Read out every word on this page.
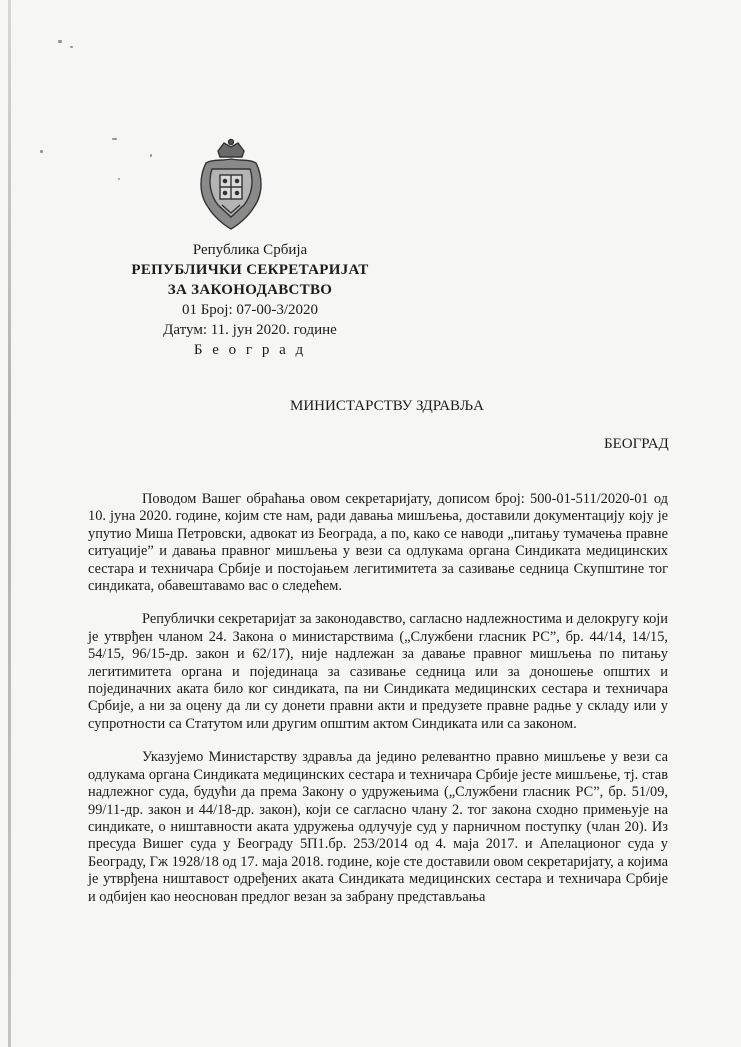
Република Србија
РЕПУБЛИЧКИ СЕКРЕТАРИЈАТ
ЗА ЗАКОНОДАВСТВО
01 Број: 07-00-3/2020
Датум: 11. јун 2020. године
Б е о г р а д
МИНИСТАРСТВУ ЗДРАВЉА
БЕОГРАД

Поводом Вашег обраћања овом секретаријату, дописом број: 500-01-511/2020-01 од 10. јуна 2020. године, којим сте нам, ради давања мишљења, доставили документацију коју је упутио Миша Петровски, адвокат из Београда, а по, како се наводи „питању тумачења правне ситуације” и давања правног мишљења у вези са одлукама органа Синдиката медицинских сестара и техничара Србије и постојањем легитимитета за сазивање седница Скупштине тог синдиката, обавештавамо вас о следећем.

Републички секретаријат за законодавство, сагласно надлежностима и делокругу који је утврђен чланом 24. Закона о министарствима („Службени гласник РС”, бр. 44/14, 14/15, 54/15, 96/15-др. закон и 62/17), није надлежан за давање правног мишљења по питању легитимитета органа и појединаца за сазивање седница или за доношење општих и појединачних аката било ког синдиката, па ни Синдиката медицинских сестара и техничара Србије, а ни за оцену да ли су донети правни акти и предузете правне радње у складу или у супротности са Статутом или другим општим актом Синдиката или са законом.

Указујемо Министарству здравља да једино релевантно правно мишљење у вези са одлукама органа Синдиката медицинских сестара и техничара Србије јесте мишљење, тј. став надлежног суда, будући да према Закону о удружењима („Службени гласник РС”, бр. 51/09, 99/11-др. закон и 44/18-др. закон), који се сагласно члану 2. тог закона сходно примењује на синдикате, о ништавности аката удружења одлучује суд у парничном поступку (члан 20). Из пресуда Вишег суда у Београду 5П1.бр. 253/2014 од 4. маја 2017. и Апелационог суда у Београду, Гж 1928/18 од 17. маја 2018. године, које сте доставили овом секретаријату, а којима је утврђена ништавост одређених аката Синдиката медицинских сестара и техничара Србије и одбијен као неоснован предлог везан за забрану представљања
